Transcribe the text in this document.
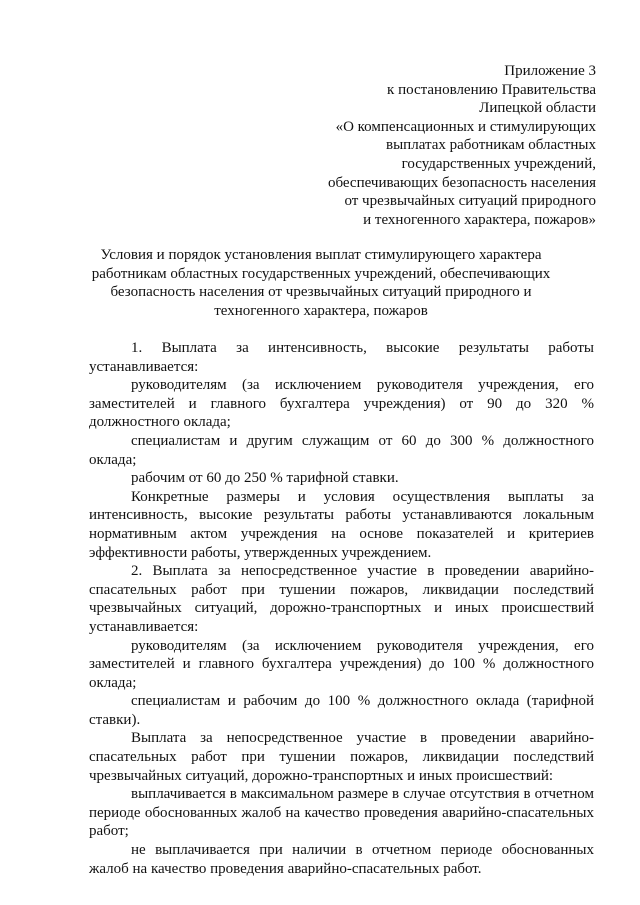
Приложение 3
к постановлению Правительства
Липецкой области
«О компенсационных и стимулирующих
выплатах работникам областных
государственных учреждений,
обеспечивающих безопасность населения
от чрезвычайных ситуаций природного
и техногенного характера, пожаров»
Условия и порядок установления выплат стимулирующего характера
работникам областных государственных учреждений, обеспечивающих
безопасность населения от чрезвычайных ситуаций природного и
техногенного характера, пожаров

1. Выплата за интенсивность, высокие результаты работы устанавливается:

руководителям (за исключением руководителя учреждения, его заместителей и главного бухгалтера учреждения) от 90 до 320 % должностного оклада;

специалистам и другим служащим от 60 до 300 % должностного оклада;

рабочим от 60 до 250 % тарифной ставки.

Конкретные размеры и условия осуществления выплаты за интенсивность, высокие результаты работы устанавливаются локальным нормативным актом учреждения на основе показателей и критериев эффективности работы, утвержденных учреждением.

2. Выплата за непосредственное участие в проведении аварийно-спасательных работ при тушении пожаров, ликвидации последствий чрезвычайных ситуаций, дорожно-транспортных и иных происшествий устанавливается:

руководителям (за исключением руководителя учреждения, его заместителей и главного бухгалтера учреждения) до 100 % должностного оклада;

специалистам и рабочим до 100 % должностного оклада (тарифной ставки).

Выплата за непосредственное участие в проведении аварийно-спасательных работ при тушении пожаров, ликвидации последствий чрезвычайных ситуаций, дорожно-транспортных и иных происшествий:

выплачивается в максимальном размере в случае отсутствия в отчетном периоде обоснованных жалоб на качество проведения аварийно-спасательных работ;

не выплачивается при наличии в отчетном периоде обоснованных жалоб на качество проведения аварийно-спасательных работ.
